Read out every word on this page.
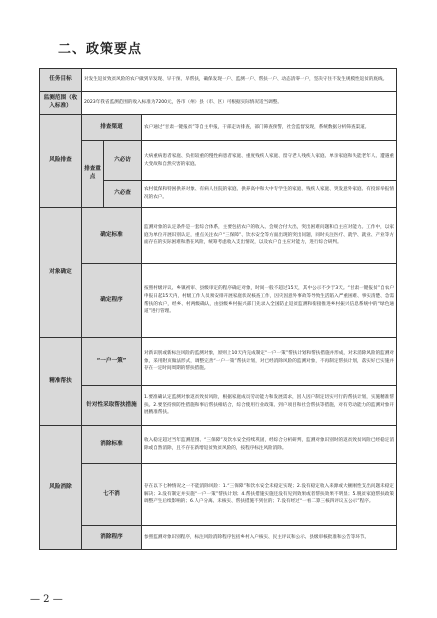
二、政策要点
任务目标	对发生返贫致贫风险的农户做到早发现、早干预、早帮扶，确保发现一户、监测一户、帮扶一户、动态清零一户，坚决守住不发生规模性返贫的底线。		
监测范围（收入标准）	2023年我省监测范围的收入标准为7200元，各市（州）县（市、区）可根据实际情况适当调整。		
风险排查	排查渠道		农户通过“甘肃一键报贫”等自主申报，干部走访排查，部门筛查预警，社会监督发现，系统数据分析筛查渠道。
	排查重点	六必访	大病重病患者家庭、负担较重的慢性病患者家庭、重度残疾人家庭、留守老人残疾人家庭、单亲家庭和失能老年人、遭遇重大变故和自然灾害的家庭。
		六必查	农村低保和特困供养对象、有病人住院的家庭、供养高中和大中专学生的家庭、残疾人家庭、突发意外家庭、有投诉举报情况的农户。
对象确定	确定标准		监测对象的认定条件是一套综合体系，主要包括农户的收入、会规合付大出，突出困难问题和自主应对能力。工作中，以家庭为单位开展识别认定，重点关注农户“三保障”、饮水安全等方面出现的突出问题，同时关注医疗、就学、就业、产业等方面存在的实际困难和潜在风险，统筹考虑收入支出情况，以及农户自主应对能力，进行综合研判。
	确定程序		按照村级评议、乡镇初审、县级审定的程序确定对象，时间一般不超过15天，其中公示不少于3天。“甘肃一键报贫”自农户申报日起15天内，村级工作人员须安排开展家庭状况核查工作，因灾因意外事故等导致生活陷入严重困难、事实清楚、急需帮扶的农户，经乡、村两级确认，由县级乡村振兴部门先录入全国防止返贫监测和衔接推进乡村振兴信息系统中的“绿色通道”进行管理。
精准帮扶	“一户一策”		对新识别或新标注风险的监测对象，原则上10天内完成制定“一户一策”帮扶计划和帮扶措施并形成，对未消除风险的监测对象，采用附页做法形式，调整完善“一户一策”帮扶计划，对已经消除风险的监测对象，不再制定帮扶计划，落实好已实施并存在一定时间周期的帮扶措施。
	针对性采取帮扶措施		1.要准确认定监测对象返贫致贫风险，根据家庭成员劳动能力和发展需求，因人因户制定切实可行的帮扶计划，实施精准帮扶。2.要坚持预防性措施和事后帮扶相结合，综合使用行业政策、到户项目和社会帮扶等措施，对有劳动能力的监测对象开展精准帮扶。
风险消除	消除标准		收入稳定超过当年监测范围、“三保障”及饮水安全持续巩固，经综合分析研判，监测对象识别时的返贫致贫风险已经稳定消除或自然消除，且不存在新增返贫致贫风险的，按程序标注风险消除。
	七不消		存在以下七种情况之一不能消除风险：1.“三保障”和饮水安全未稳定实现；2.没有稳定收入来源或大额刚性支出问题未稳定解决；3.没有制定并实施“一户一策”帮扶计划；4.帮扶措施实施还没有见到效果或者帮扶效果不明显；5.脱贫家庭帮扶政策调整产生后续影响的；6.人户分离、未核实、帮扶措施不到位的；7.没有经过“一看二算三核四评议五公示”程序。
	消除程序		参照监测对象识别程序，标注风险消除程序包括乡村入户核实、民主评议和公示、县级审核批准和公告等环节。
— 2 —
